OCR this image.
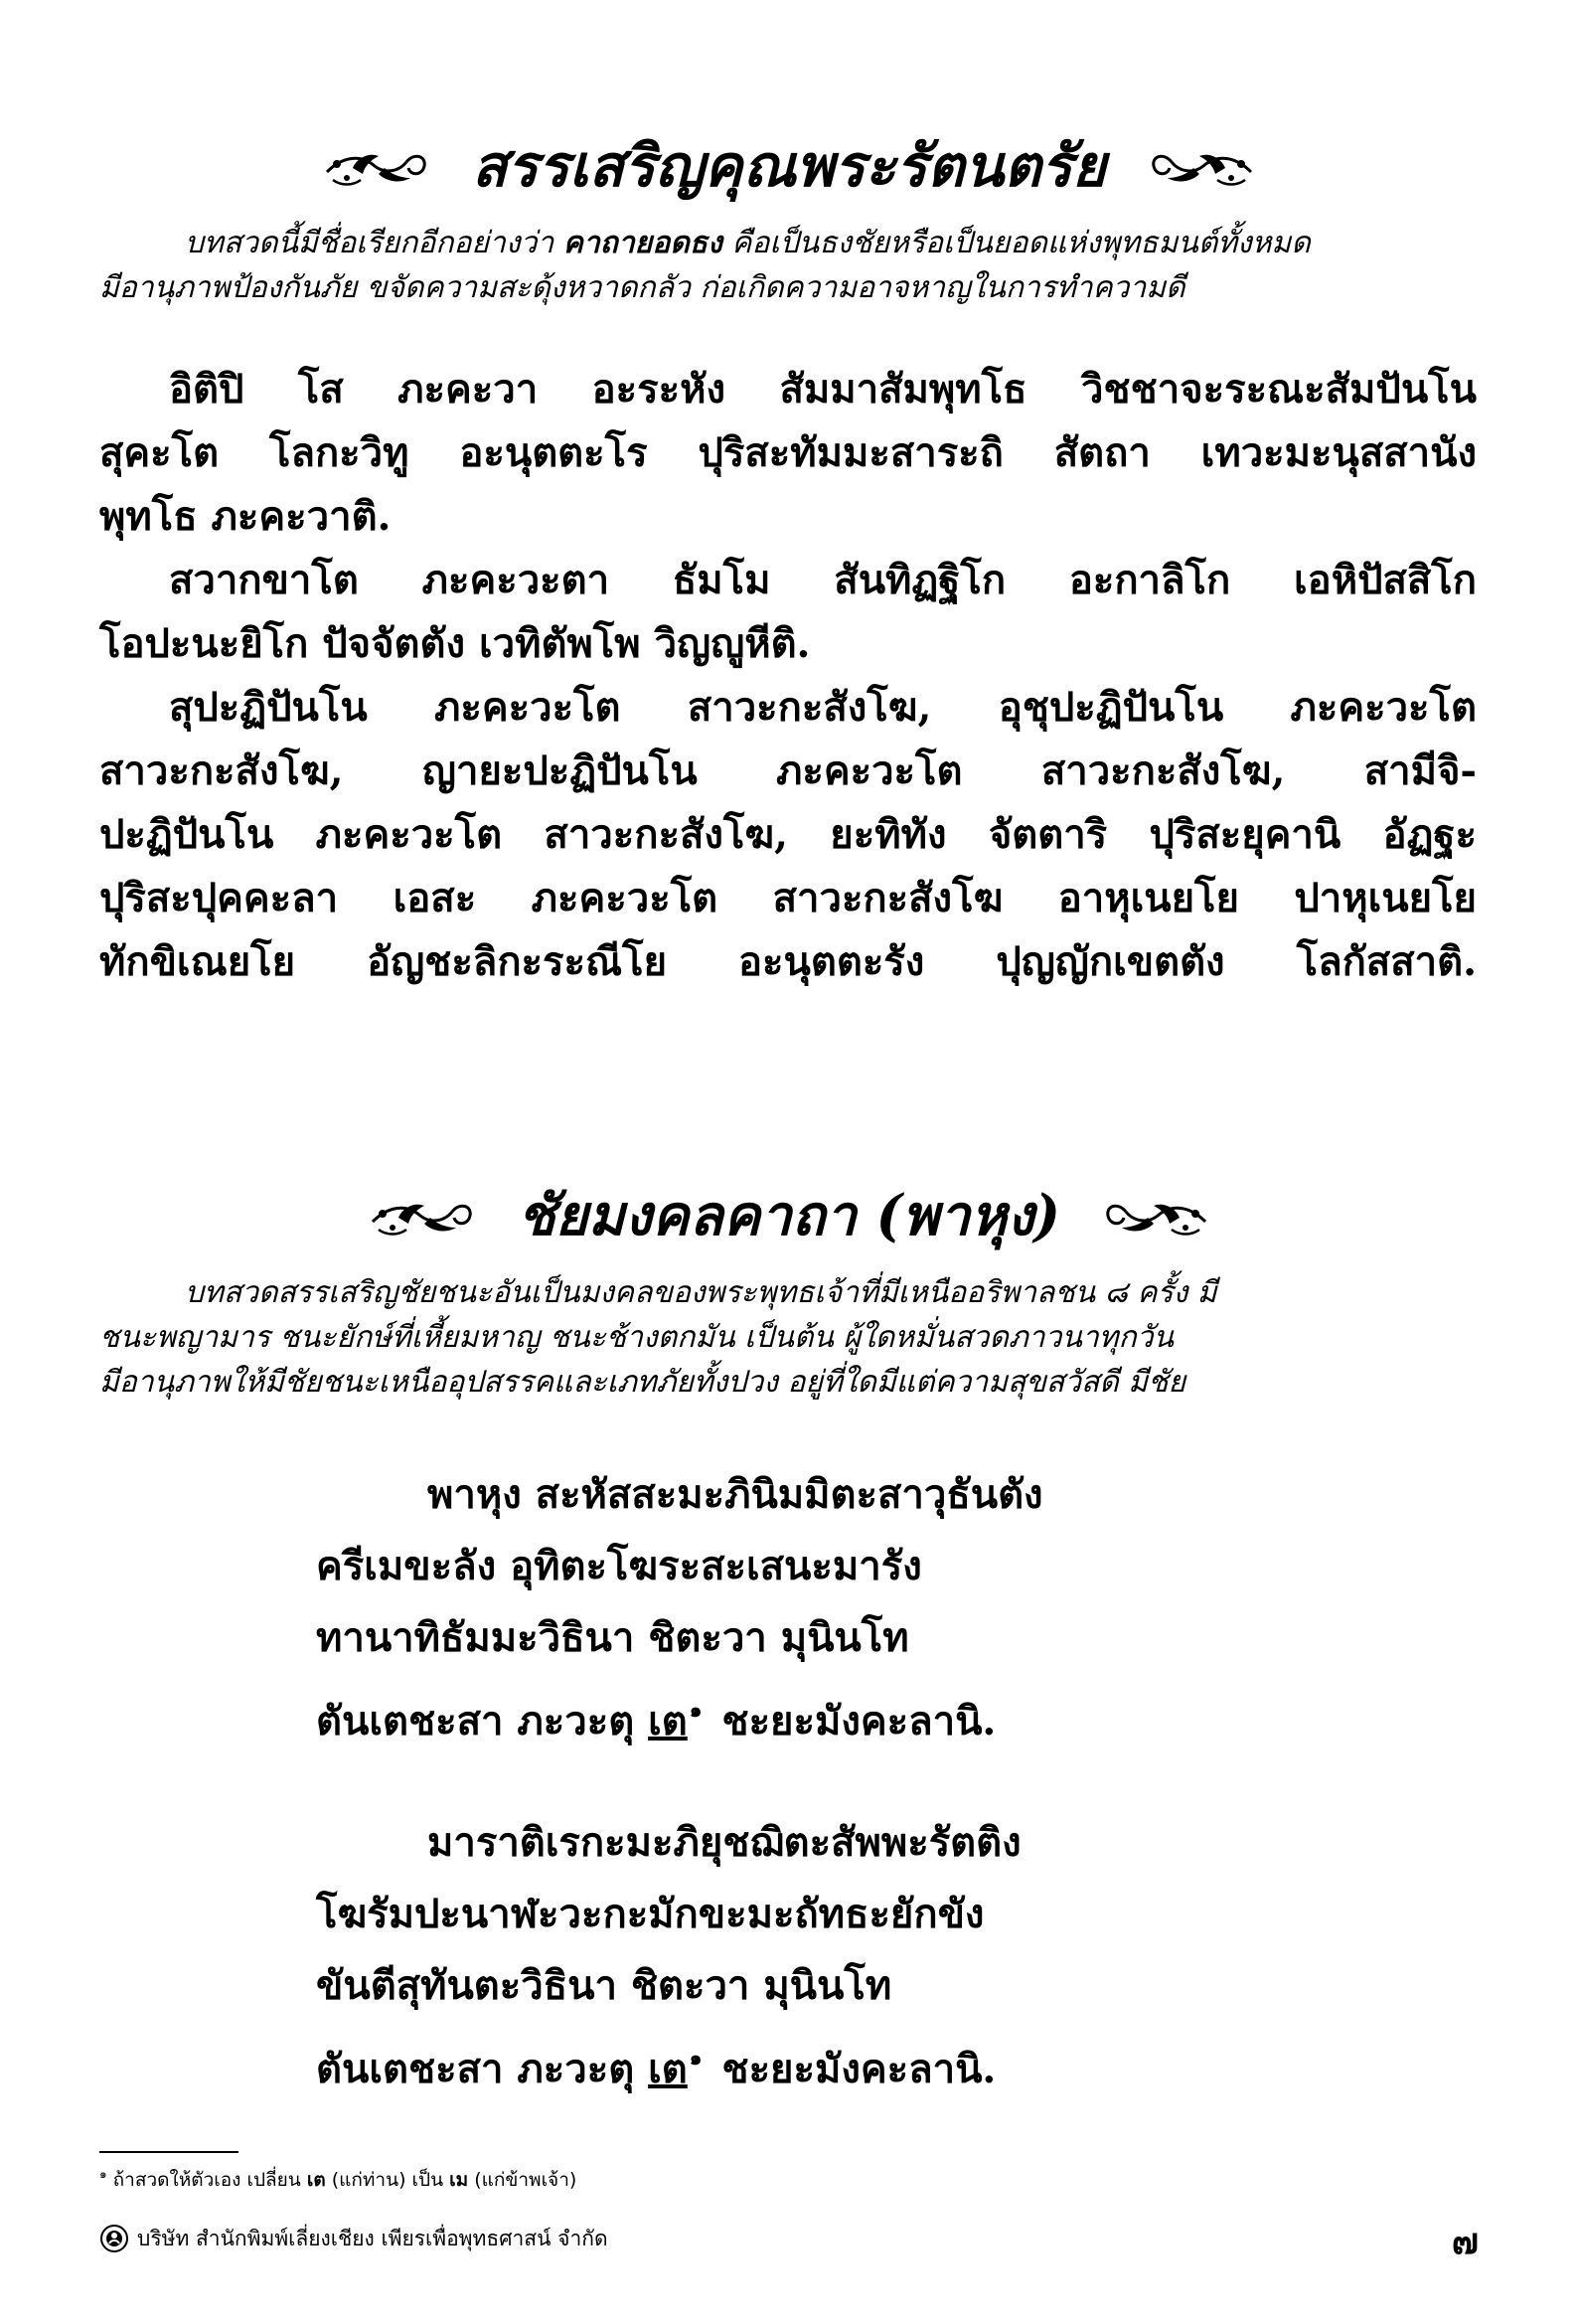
สรรเสริญคุณพระรัตนตรัย
บทสวดนี้มีชื่อเรียกอีกอย่างว่า คาถายอดธง คือเป็นธงชัยหรือเป็นยอดแห่งพุทธมนต์ทั้งหมด
มีอานุภาพป้องกันภัย ขจัดความสะดุ้งหวาดกลัว ก่อเกิดความอาจหาญในการทำความดี
อิติปิ โส ภะคะวา อะระหัง สัมมาสัมพุทโธ วิชชาจะระณะสัมปันโน
สุคะโต โลกะวิทู อะนุตตะโร ปุริสะทัมมะสาระถิ สัตถา เทวะมะนุสสานัง
พุทโธ ภะคะวาติ.
สวากขาโต ภะคะวะตา ธัมโม สันทิฏฐิโก อะกาลิโก เอหิปัสสิโก
โอปะนะยิโก ปัจจัตตัง เวทิตัพโพ วิญญูหีติ.
สุปะฏิปันโน ภะคะวะโต สาวะกะสังโฆ, อุชุปะฏิปันโน ภะคะวะโต
สาวะกะสังโฆ, ญายะปะฏิปันโน ภะคะวะโต สาวะกะสังโฆ, สามีจิ-
ปะฏิปันโน ภะคะวะโต สาวะกะสังโฆ, ยะทิทัง จัตตาริ ปุริสะยุคานิ อัฏฐะ
ปุริสะปุคคะลา เอสะ ภะคะวะโต สาวะกะสังโฆ อาหุเนยโย ปาหุเนยโย
ทักขิเณยโย อัญชะลิกะระณีโย อะนุตตะรัง ปุญญักเขตตัง โลกัสสาติ.
ชัยมงคลคาถา (พาหุง)
บทสวดสรรเสริญชัยชนะอันเป็นมงคลของพระพุทธเจ้าที่มีเหนืออริพาลชน ๘ ครั้ง มี
ชนะพญามาร ชนะยักษ์ที่เหี้ยมหาญ ชนะช้างตกมัน เป็นต้น ผู้ใดหมั่นสวดภาวนาทุกวัน
มีอานุภาพให้มีชัยชนะเหนืออุปสรรคและเภทภัยทั้งปวง อยู่ที่ใดมีแต่ความสุขสวัสดี มีชัย
พาหุง สะหัสสะมะภินิมมิตะสาวุธันตัง
ครีเมขะลัง อุทิตะโฆระสะเสนะมารัง
ทานาทิธัมมะวิธินา ชิตะวา มุนินโท
ตันเตชะสา ภะวะตุ เต $^๑$ ชะยะมังคะลานิ.
มาราติเรกะมะภิยุชฌิตะสัพพะรัตติง
โฆรัมปะนาฬะวะกะมักขะมะถัทธะยักขัง
ขันตีสุทันตะวิธินา ชิตะวา มุนินโท
ตันเตชะสา ภะวะตุ เต $^๑$ ชะยะมังคะลานิ.
$^๑$ ถ้าสวดให้ตัวเอง เปลี่ยน เต (แก่ท่าน) เป็น เม (แก่ข้าพเจ้า)
บริษัท สำนักพิมพ์เลี่ยงเชียง เพียรเพื่อพุทธศาสน์ จำกัด	๗
